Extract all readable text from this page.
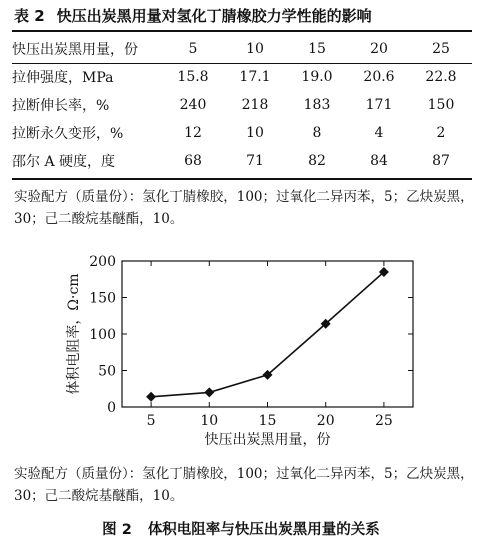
表 2 快压出炭黑用量对氢化丁腈橡胶力学性能的影响
快压出炭黑用量，份	5	10	15	20	25
拉伸强度，MPa	15.8	17.1	19.0	20.6	22.8
拉断伸长率，%	240	218	183	171	150
拉断永久变形，%	12	10	8	4	2
邵尔 A 硬度，度	68	71	82	84	87
实验配方（质量份）：氢化丁腈橡胶，100；过氧化二异丙苯，5；乙炔炭黑，30；己二酸烷基醚酯，10。
5	10	15	20	25
0
50
100
150
200
快压出炭黑用量，份
体积电阻率，Ω·cm
实验配方（质量份）：氢化丁腈橡胶，100；过氧化二异丙苯，5；乙炔炭黑，30；己二酸烷基醚酯，10。
图 2 体积电阻率与快压出炭黑用量的关系
